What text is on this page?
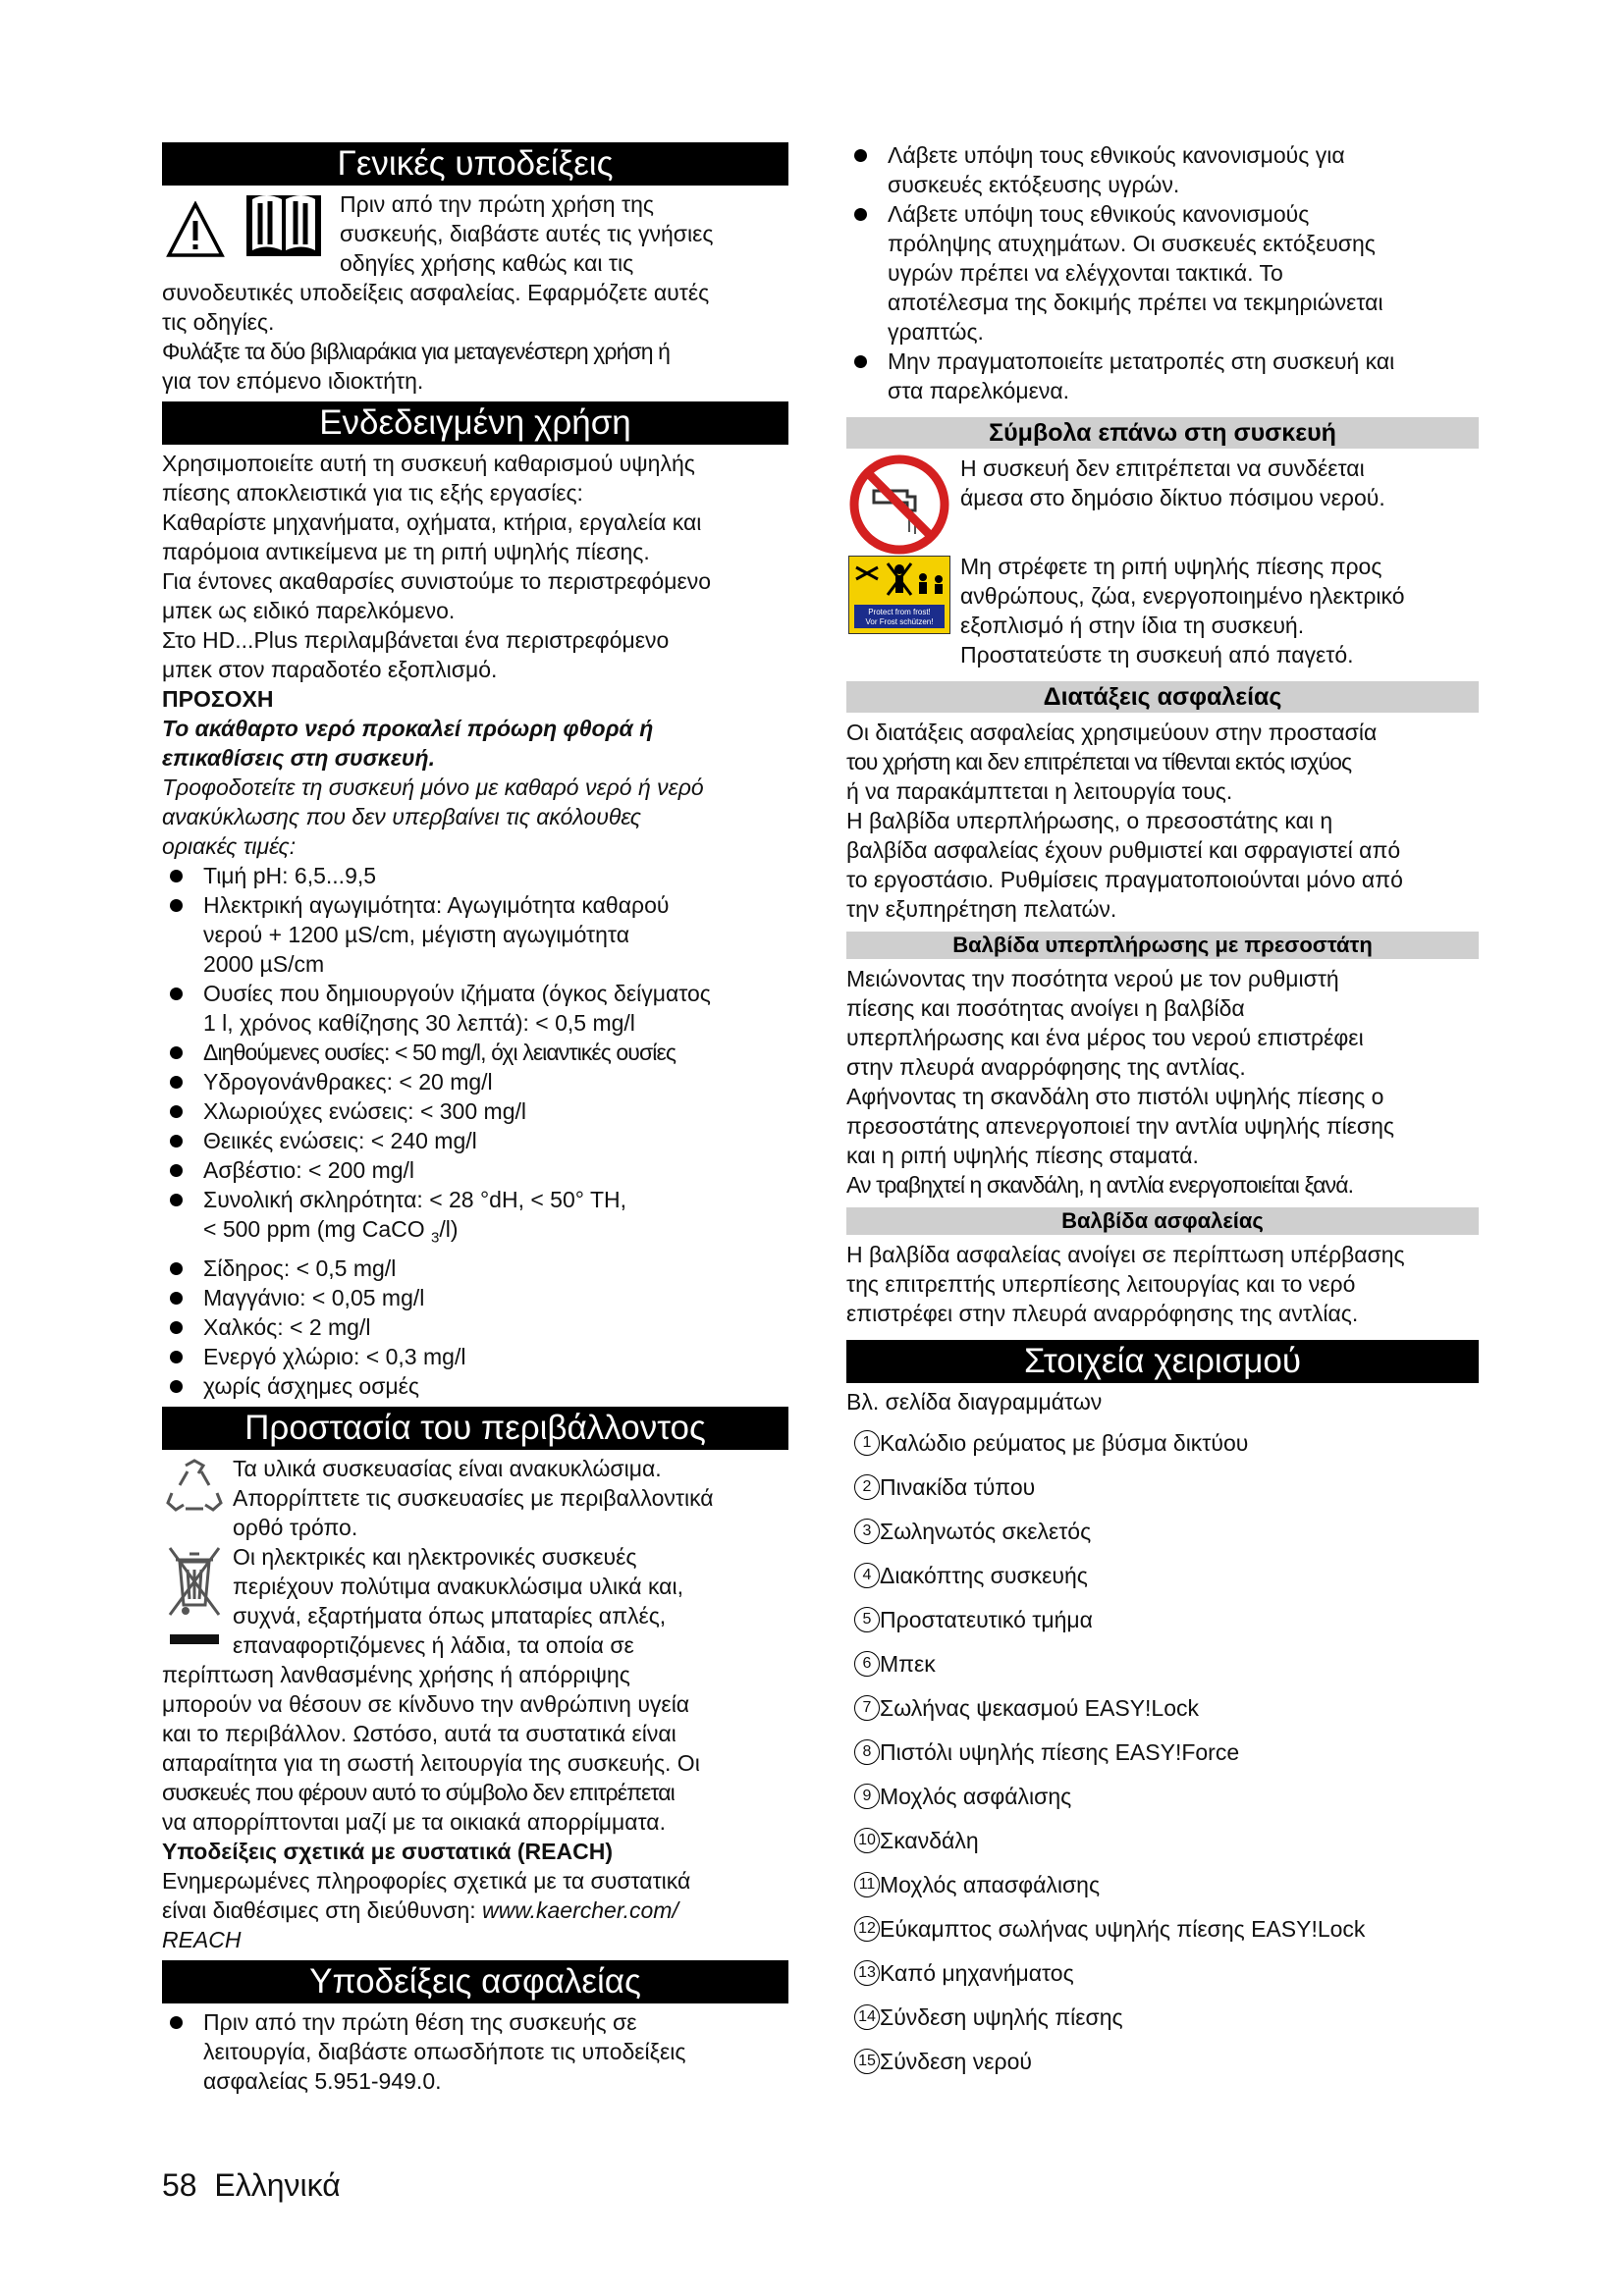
Γενικές υποδείξεις
Πριν από την πρώτη χρήση της
συσκευής, διαβάστε αυτές τις γνήσιες
οδηγίες χρήσης καθώς και τις
συνοδευτικές υποδείξεις ασφαλείας. Εφαρμόζετε αυτές
τις οδηγίες.
Φυλάξτε τα δύο βιβλιαράκια για μεταγενέστερη χρήση ή
για τον επόμενο ιδιοκτήτη.
Ενδεδειγμένη χρήση
Χρησιμοποιείτε αυτή τη συσκευή καθαρισμού υψηλής
πίεσης αποκλειστικά για τις εξής εργασίες:
Καθαρίστε μηχανήματα, οχήματα, κτήρια, εργαλεία και
παρόμοια αντικείμενα με τη ριπή υψηλής πίεσης.
Για έντονες ακαθαρσίες συνιστούμε το περιστρεφόμενο
μπεκ ως ειδικό παρελκόμενο.
Στο HD...Plus περιλαμβάνεται ένα περιστρεφόμενο
μπεκ στον παραδοτέο εξοπλισμό.
ΠΡΟΣΟΧΗ
Το ακάθαρτο νερό προκαλεί πρόωρη φθορά ή
επικαθίσεις στη συσκευή.
Τροφοδοτείτε τη συσκευή μόνο με καθαρό νερό ή νερό
ανακύκλωσης που δεν υπερβαίνει τις ακόλουθες
οριακές τιμές:
Τιμή pH: 6,5...9,5
Ηλεκτρική αγωγιμότητα: Αγωγιμότητα καθαρού
νερού + 1200 µS/cm, μέγιστη αγωγιμότητα
2000 µS/cm
Ουσίες που δημιουργούν ιζήματα (όγκος δείγματος
1 l, χρόνος καθίζησης 30 λεπτά): < 0,5 mg/l
Διηθούμενες ουσίες: < 50 mg/l, όχι λειαντικές ουσίες
Υδρογονάνθρακες: < 20 mg/l
Χλωριούχες ενώσεις: < 300 mg/l
Θειικές ενώσεις: < 240 mg/l
Ασβέστιο: < 200 mg/l
Συνολική σκληρότητα: < 28 °dH, < 50° TH,
< 500 ppm (mg CaCO $_3$/l)
Σίδηρος: < 0,5 mg/l
Μαγγάνιο: < 0,05 mg/l
Χαλκός: < 2 mg/l
Ενεργό χλώριο: < 0,3 mg/l
χωρίς άσχημες οσμές
Προστασία του περιβάλλοντος
Τα υλικά συσκευασίας είναι ανακυκλώσιμα.
Απορρίπτετε τις συσκευασίες με περιβαλλοντικά
ορθό τρόπο.
Οι ηλεκτρικές και ηλεκτρονικές συσκευές
περιέχουν πολύτιμα ανακυκλώσιμα υλικά και,
συχνά, εξαρτήματα όπως μπαταρίες απλές,
επαναφορτιζόμενες ή λάδια, τα οποία σε
περίπτωση λανθασμένης χρήσης ή απόρριψης
μπορούν να θέσουν σε κίνδυνο την ανθρώπινη υγεία
και το περιβάλλον. Ωστόσο, αυτά τα συστατικά είναι
απαραίτητα για τη σωστή λειτουργία της συσκευής. Οι
συσκευές που φέρουν αυτό το σύμβολο δεν επιτρέπεται
να απορρίπτονται μαζί με τα οικιακά απορρίμματα.
Υποδείξεις σχετικά με συστατικά (REACH)
Ενημερωμένες πληροφορίες σχετικά με τα συστατικά
είναι διαθέσιμες στη διεύθυνση: www.kaercher.com/
REACH
Υποδείξεις ασφαλείας
Πριν από την πρώτη θέση της συσκευής σε
λειτουργία, διαβάστε οπωσδήποτε τις υποδείξεις
ασφαλείας 5.951-949.0.
Λάβετε υπόψη τους εθνικούς κανονισμούς για
συσκευές εκτόξευσης υγρών.
Λάβετε υπόψη τους εθνικούς κανονισμούς
πρόληψης ατυχημάτων. Οι συσκευές εκτόξευσης
υγρών πρέπει να ελέγχονται τακτικά. Το
αποτέλεσμα της δοκιμής πρέπει να τεκμηριώνεται
γραπτώς.
Μην πραγματοποιείτε μετατροπές στη συσκευή και
στα παρελκόμενα.
Σύμβολα επάνω στη συσκευή
Η συσκευή δεν επιτρέπεται να συνδέεται
άμεσα στο δημόσιο δίκτυο πόσιμου νερού.
Protect from frost!
Vor Frost schützen!
Μη στρέφετε τη ριπή υψηλής πίεσης προς
ανθρώπους, ζώα, ενεργοποιημένο ηλεκτρικό
εξοπλισμό ή στην ίδια τη συσκευή.
Προστατεύστε τη συσκευή από παγετό.
Διατάξεις ασφαλείας
Οι διατάξεις ασφαλείας χρησιμεύουν στην προστασία
του χρήστη και δεν επιτρέπεται να τίθενται εκτός ισχύος
ή να παρακάμπτεται η λειτουργία τους.
Η βαλβίδα υπερπλήρωσης, ο πρεσοστάτης και η
βαλβίδα ασφαλείας έχουν ρυθμιστεί και σφραγιστεί από
το εργοστάσιο. Ρυθμίσεις πραγματοποιούνται μόνο από
την εξυπηρέτηση πελατών.
Βαλβίδα υπερπλήρωσης με πρεσοστάτη
Μειώνοντας την ποσότητα νερού με τον ρυθμιστή
πίεσης και ποσότητας ανοίγει η βαλβίδα
υπερπλήρωσης και ένα μέρος του νερού επιστρέφει
στην πλευρά αναρρόφησης της αντλίας.
Αφήνοντας τη σκανδάλη στο πιστόλι υψηλής πίεσης ο
πρεσοστάτης απενεργοποιεί την αντλία υψηλής πίεσης
και η ριπή υψηλής πίεσης σταματά.
Αν τραβηχτεί η σκανδάλη, η αντλία ενεργοποιείται ξανά.
Βαλβίδα ασφαλείας
Η βαλβίδα ασφαλείας ανοίγει σε περίπτωση υπέρβασης
της επιτρεπτής υπερπίεσης λειτουργίας και το νερό
επιστρέφει στην πλευρά αναρρόφησης της αντλίας.
Στοιχεία χειρισμού
Βλ. σελίδα διαγραμμάτων
1 Καλώδιο ρεύματος με βύσμα δικτύου
2 Πινακίδα τύπου
3 Σωληνωτός σκελετός
4 Διακόπτης συσκευής
5 Προστατευτικό τμήμα
6 Μπεκ
7 Σωλήνας ψεκασμού EASY!Lock
8 Πιστόλι υψηλής πίεσης EASY!Force
9 Μοχλός ασφάλισης
10 Σκανδάλη
11 Μοχλός απασφάλισης
12 Εύκαμπτος σωλήνας υψηλής πίεσης EASY!Lock
13 Καπό μηχανήματος
14 Σύνδεση υψηλής πίεσης
15 Σύνδεση νερού
58 Ελληνικά
